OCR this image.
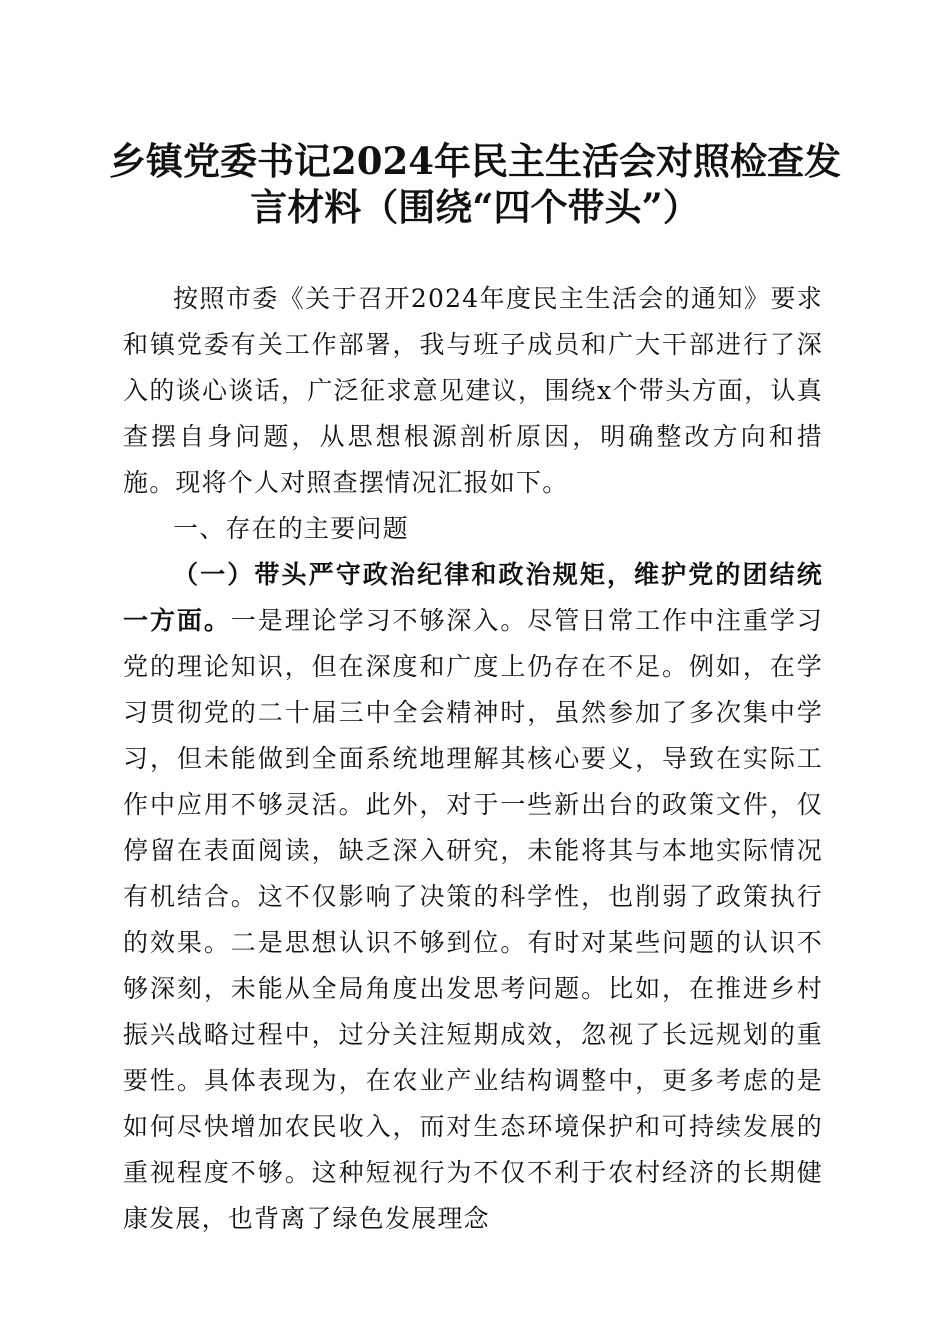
乡镇党委书记2024年民主生活会对照检查发
言材料（围绕“四个带头”）

按照市委《关于召开2024年度民主生活会的通知》要求和镇党委有关工作部署，我与班子成员和广大干部进行了深入的谈心谈话，广泛征求意见建议，围绕x个带头方面，认真查摆自身问题，从思想根源剖析原因，明确整改方向和措施。现将个人对照查摆情况汇报如下。

一、存在的主要问题

（一）带头严守政治纪律和政治规矩，维护党的团结统一方面。一是理论学习不够深入。尽管日常工作中注重学习党的理论知识，但在深度和广度上仍存在不足。例如，在学习贯彻党的二十届三中全会精神时，虽然参加了多次集中学习，但未能做到全面系统地理解其核心要义，导致在实际工作中应用不够灵活。此外，对于一些新出台的政策文件，仅停留在表面阅读，缺乏深入研究，未能将其与本地实际情况有机结合。这不仅影响了决策的科学性，也削弱了政策执行的效果。二是思想认识不够到位。有时对某些问题的认识不够深刻，未能从全局角度出发思考问题。比如，在推进乡村振兴战略过程中，过分关注短期成效，忽视了长远规划的重要性。具体表现为，在农业产业结构调整中，更多考虑的是如何尽快增加农民收入，而对生态环境保护和可持续发展的重视程度不够。这种短视行为不仅不利于农村经济的长期健康发展，也背离了绿色发展理念
